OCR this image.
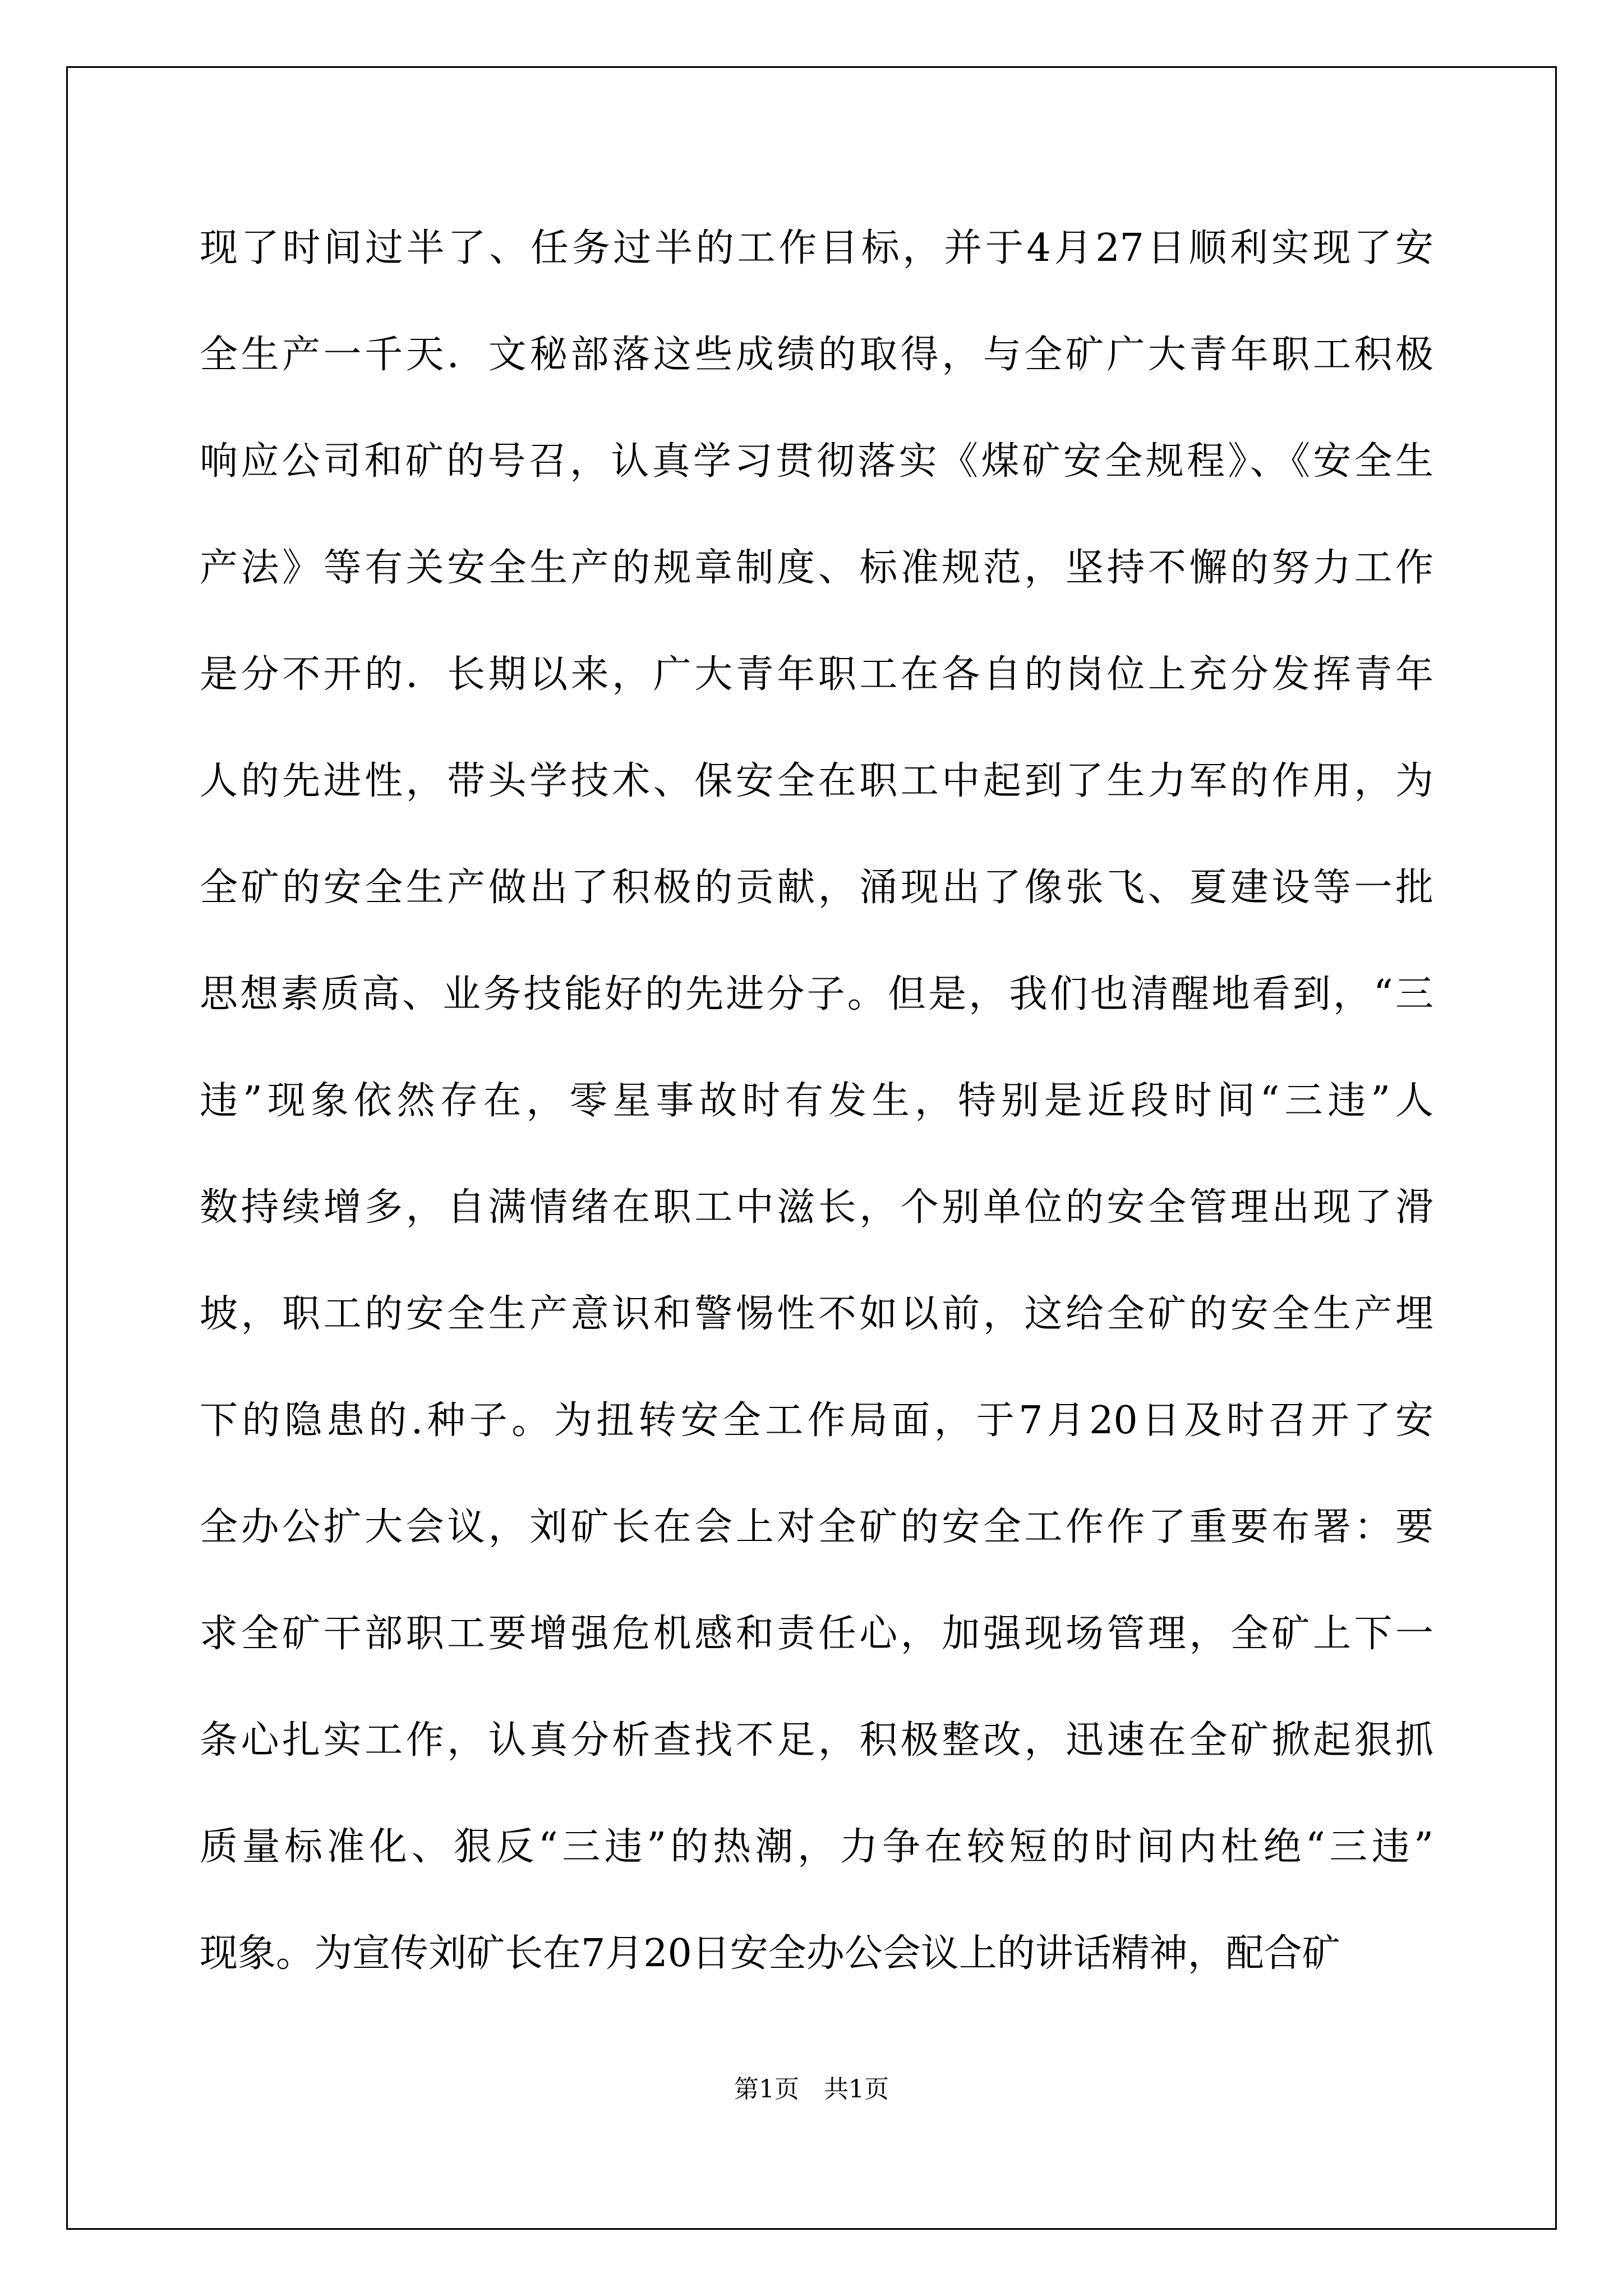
现了时间过半了、任务过半的工作目标，并于4月27日顺利实现了安
全生产一千天．文秘部落这些成绩的取得，与全矿广大青年职工积极
响应公司和矿的号召，认真学习贯彻落实《煤矿安全规程》、《安全生
产法》等有关安全生产的规章制度、标准规范，坚持不懈的努力工作
是分不开的．长期以来，广大青年职工在各自的岗位上充分发挥青年
人的先进性，带头学技术、保安全在职工中起到了生力军的作用，为
全矿的安全生产做出了积极的贡献，涌现出了像张飞、夏建设等一批
思想素质高、业务技能好的先进分子。但是，我们也清醒地看到，“三
违”现象依然存在，零星事故时有发生，特别是近段时间“三违”人
数持续增多，自满情绪在职工中滋长，个别单位的安全管理出现了滑
坡，职工的安全生产意识和警惕性不如以前，这给全矿的安全生产埋
下的隐患的.种子。为扭转安全工作局面，于7月20日及时召开了安
全办公扩大会议，刘矿长在会上对全矿的安全工作作了重要布署：要
求全矿干部职工要增强危机感和责任心，加强现场管理，全矿上下一
条心扎实工作，认真分析查找不足，积极整改，迅速在全矿掀起狠抓
质量标准化、狠反“三违”的热潮，力争在较短的时间内杜绝“三违”
现象。为宣传刘矿长在7月20日安全办公会议上的讲话精神，配合矿
第1页　共1页
